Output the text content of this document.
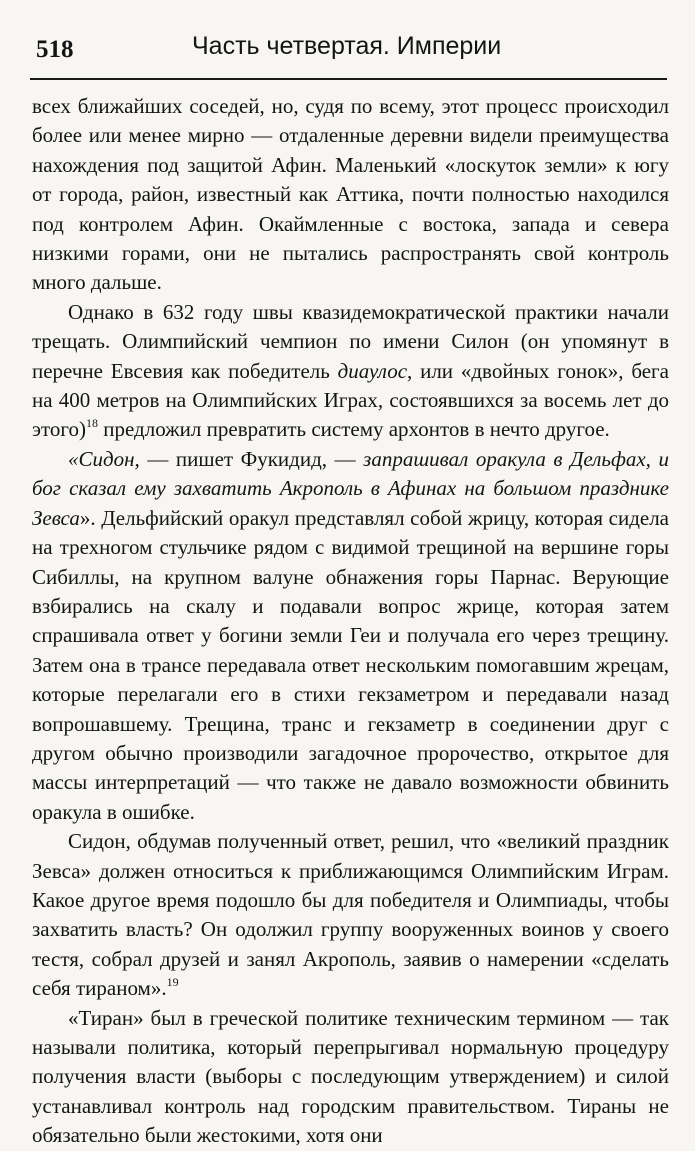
518	Часть четвертая. Империи

всех ближайших соседей, но, судя по всему, этот процесс происходил более или менее мирно — отдаленные деревни видели преимущества нахождения под защитой Афин. Маленький «лоскуток земли» к югу от города, район, известный как Аттика, почти полностью находился под контролем Афин. Окаймленные с востока, запада и севера низкими горами, они не пытались распространять свой контроль много дальше.

Однако в 632 году швы квазидемократической практики начали трещать. Олимпийский чемпион по имени Силон (он упомянут в перечне Евсевия как победитель диаулос, или «двойных гонок», бега на 400 метров на Олимпийских Играх, состоявшихся за восемь лет до этого)$^{18}$ предложил превратить систему архонтов в нечто другое.

«Сидон, — пишет Фукидид, — запрашивал оракула в Дельфах, и бог сказал ему захватить Акрополь в Афинах на большом празднике Зевса». Дельфийский оракул представлял собой жрицу, которая сидела на трехногом стульчике рядом с видимой трещиной на вершине горы Сибиллы, на крупном валуне обнажения горы Парнас. Верующие взбирались на скалу и подавали вопрос жрице, которая затем спрашивала ответ у богини земли Геи и получала его через трещину. Затем она в трансе передавала ответ нескольким помогавшим жрецам, которые перелагали его в стихи гекзаметром и передавали назад вопрошавшему. Трещина, транс и гекзаметр в соединении друг с другом обычно производили загадочное пророчество, открытое для массы интерпретаций — что также не давало возможности обвинить оракула в ошибке.

Сидон, обдумав полученный ответ, решил, что «великий праздник Зевса» должен относиться к приближающимся Олимпийским Играм. Какое другое время подошло бы для победителя и Олимпиады, чтобы захватить власть? Он одолжил группу вооруженных воинов у своего тестя, собрал друзей и занял Акрополь, заявив о намерении «сделать себя тираном».$^{19}$

«Тиран» был в греческой политике техническим термином — так называли политика, который перепрыгивал нормальную процедуру получения власти (выборы с последующим утверждением) и силой устанавливал контроль над городским правительством. Тираны не обязательно были жестокими, хотя они
